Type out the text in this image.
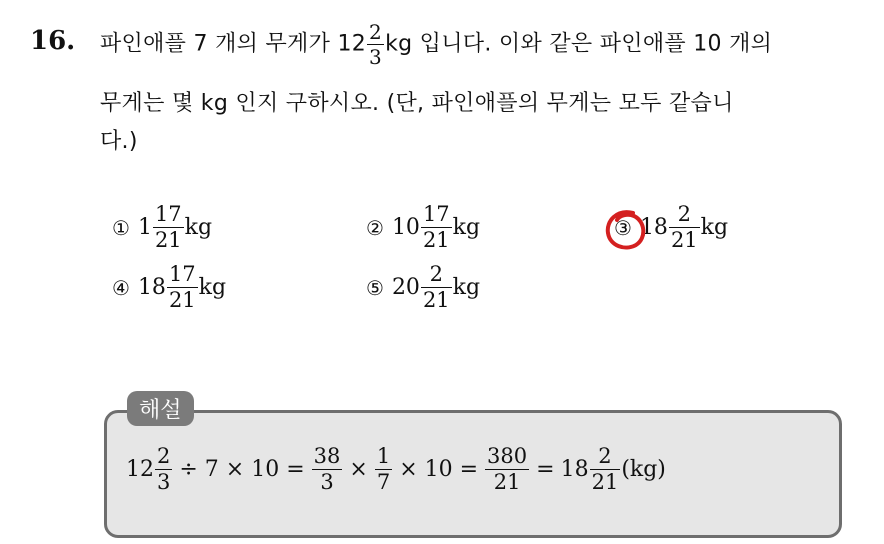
16. 파인애플 7 개의 무게가 $12 \frac{2}{3}$ kg 입니다. 이와 같은 파인애플 10 개의
무게는 몇 kg 인지 구하시오. (단, 파인애플의 무게는 모두 같습니
다.)
① $1 \frac{17}{21}$ kg	② $10 \frac{17}{21}$ kg	③ $18 \frac{2}{21}$ kg
④ $18 \frac{17}{21}$ kg	⑤ $20 \frac{2}{21}$ kg
해설
$12 \frac{2}{3} \div 7 \times 10 = \frac{38}{3} \times \frac{1}{7} \times 10 = \frac{380}{21} = 18 \frac{2}{21} (kg)$
